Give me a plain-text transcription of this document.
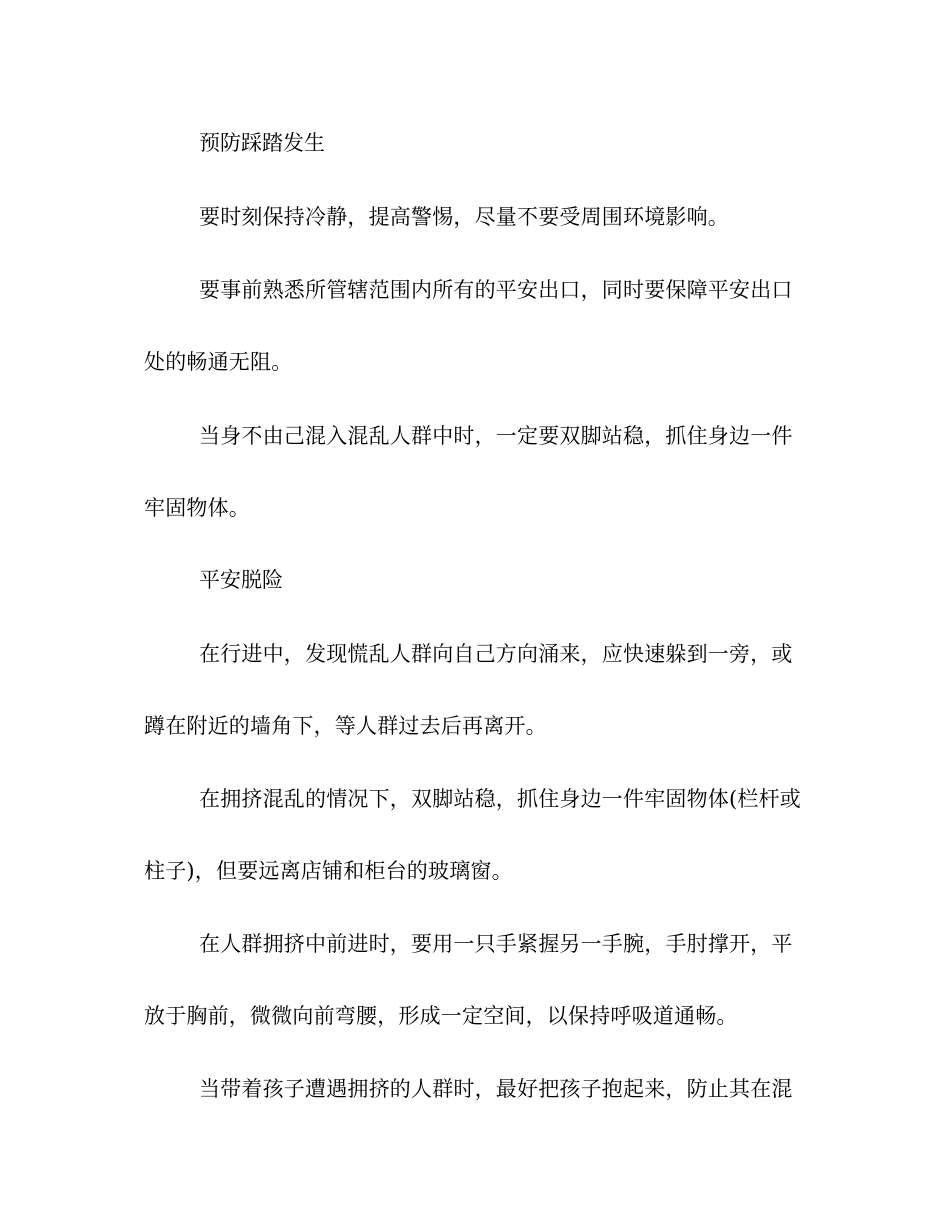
预防踩踏发生

要时刻保持冷静，提高警惕，尽量不要受周围环境影响。

要事前熟悉所管辖范围内所有的平安出口，同时要保障平安出口处的畅通无阻。

当身不由己混入混乱人群中时，一定要双脚站稳，抓住身边一件牢固物体。

平安脱险

在行进中，发现慌乱人群向自己方向涌来，应快速躲到一旁，或蹲在附近的墙角下，等人群过去后再离开。

在拥挤混乱的情况下，双脚站稳，抓住身边一件牢固物体(栏杆或柱子)，但要远离店铺和柜台的玻璃窗。

在人群拥挤中前进时，要用一只手紧握另一手腕，手肘撑开，平放于胸前，微微向前弯腰，形成一定空间，以保持呼吸道通畅。

当带着孩子遭遇拥挤的人群时，最好把孩子抱起来，防止其在混
